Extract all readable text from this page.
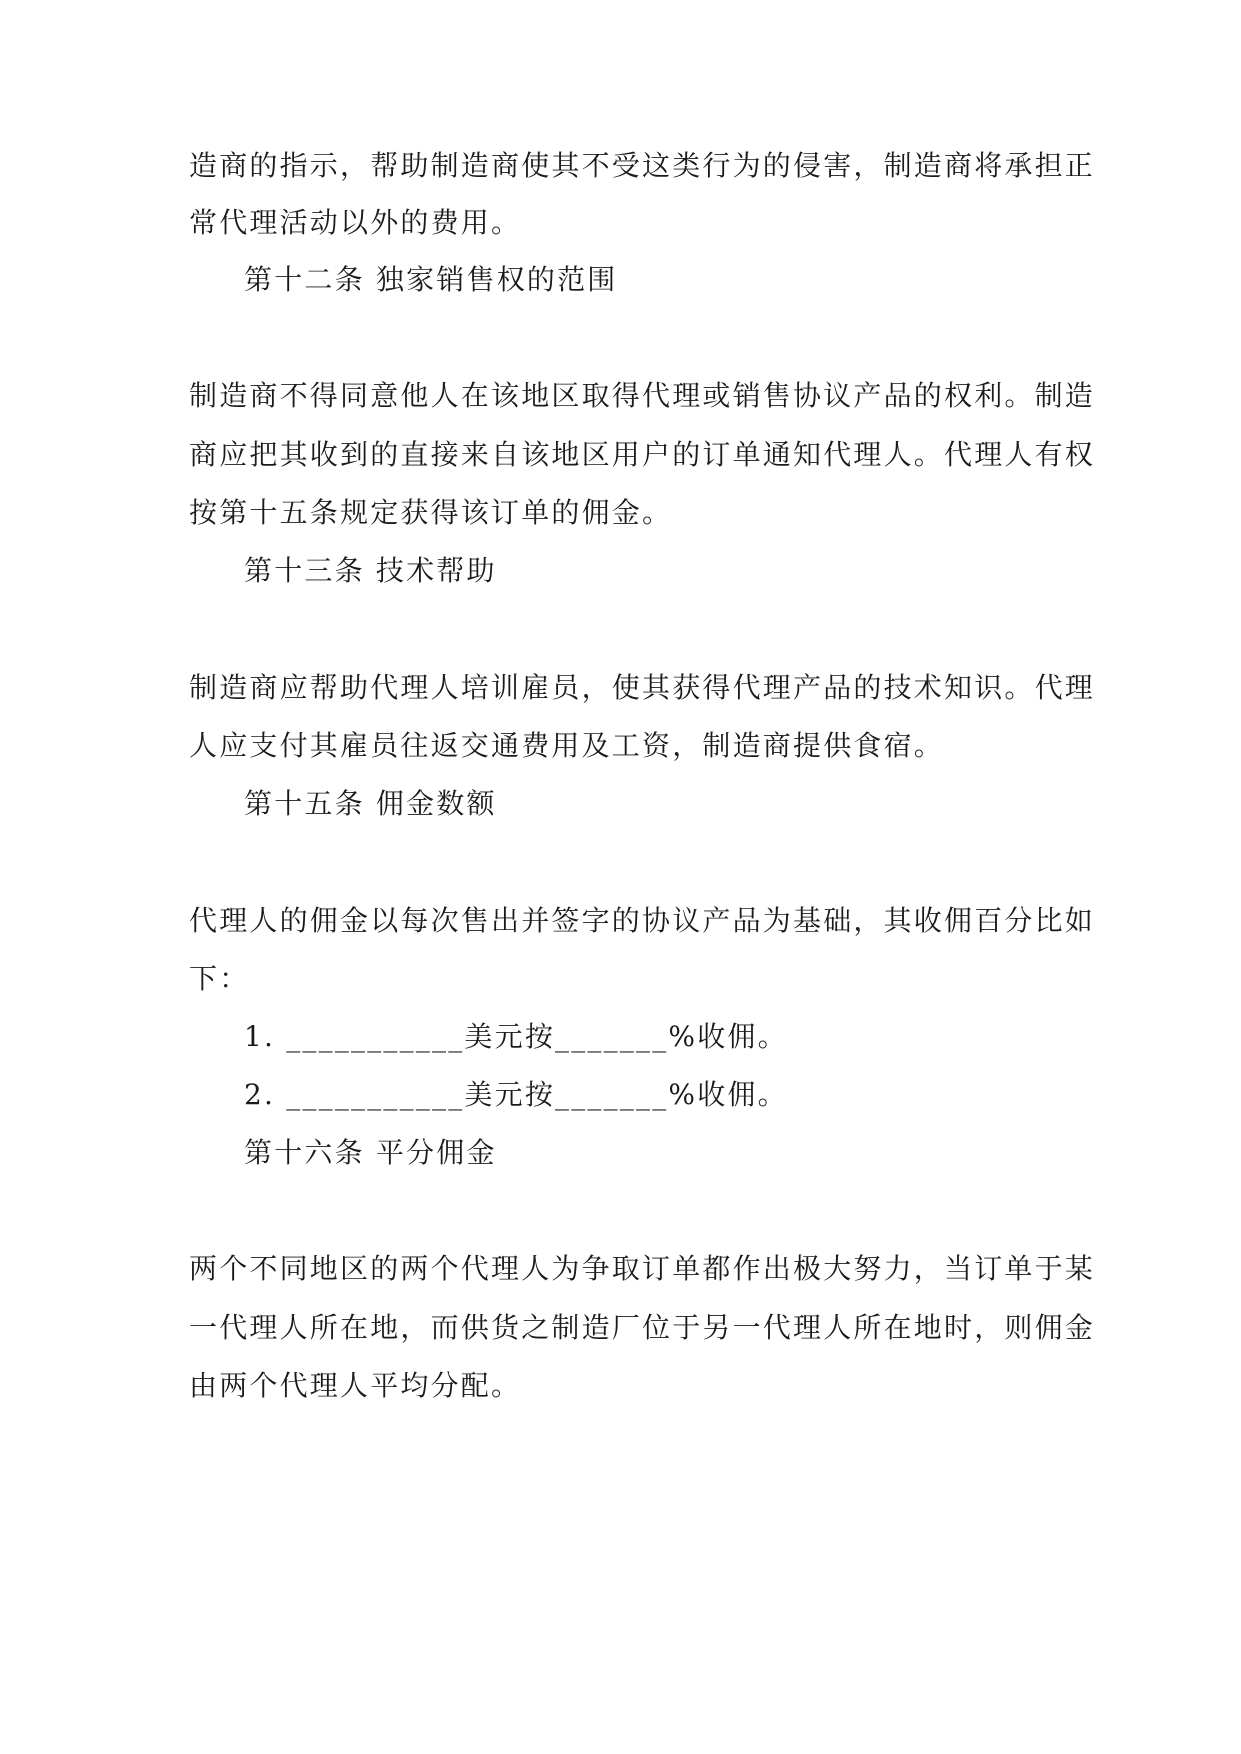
造商的指示，帮助制造商使其不受这类行为的侵害，制造商将承担正
常代理活动以外的费用。
第十二条 独家销售权的范围
制造商不得同意他人在该地区取得代理或销售协议产品的权利。制造
商应把其收到的直接来自该地区用户的订单通知代理人。代理人有权
按第十五条规定获得该订单的佣金。
第十三条 技术帮助
制造商应帮助代理人培训雇员，使其获得代理产品的技术知识。代理
人应支付其雇员往返交通费用及工资，制造商提供食宿。
第十五条 佣金数额
代理人的佣金以每次售出并签字的协议产品为基础，其收佣百分比如
下：
1. ___________美元按_______%收佣。
2. ___________美元按_______%收佣。
第十六条 平分佣金
两个不同地区的两个代理人为争取订单都作出极大努力，当订单于某
一代理人所在地，而供货之制造厂位于另一代理人所在地时，则佣金
由两个代理人平均分配。
